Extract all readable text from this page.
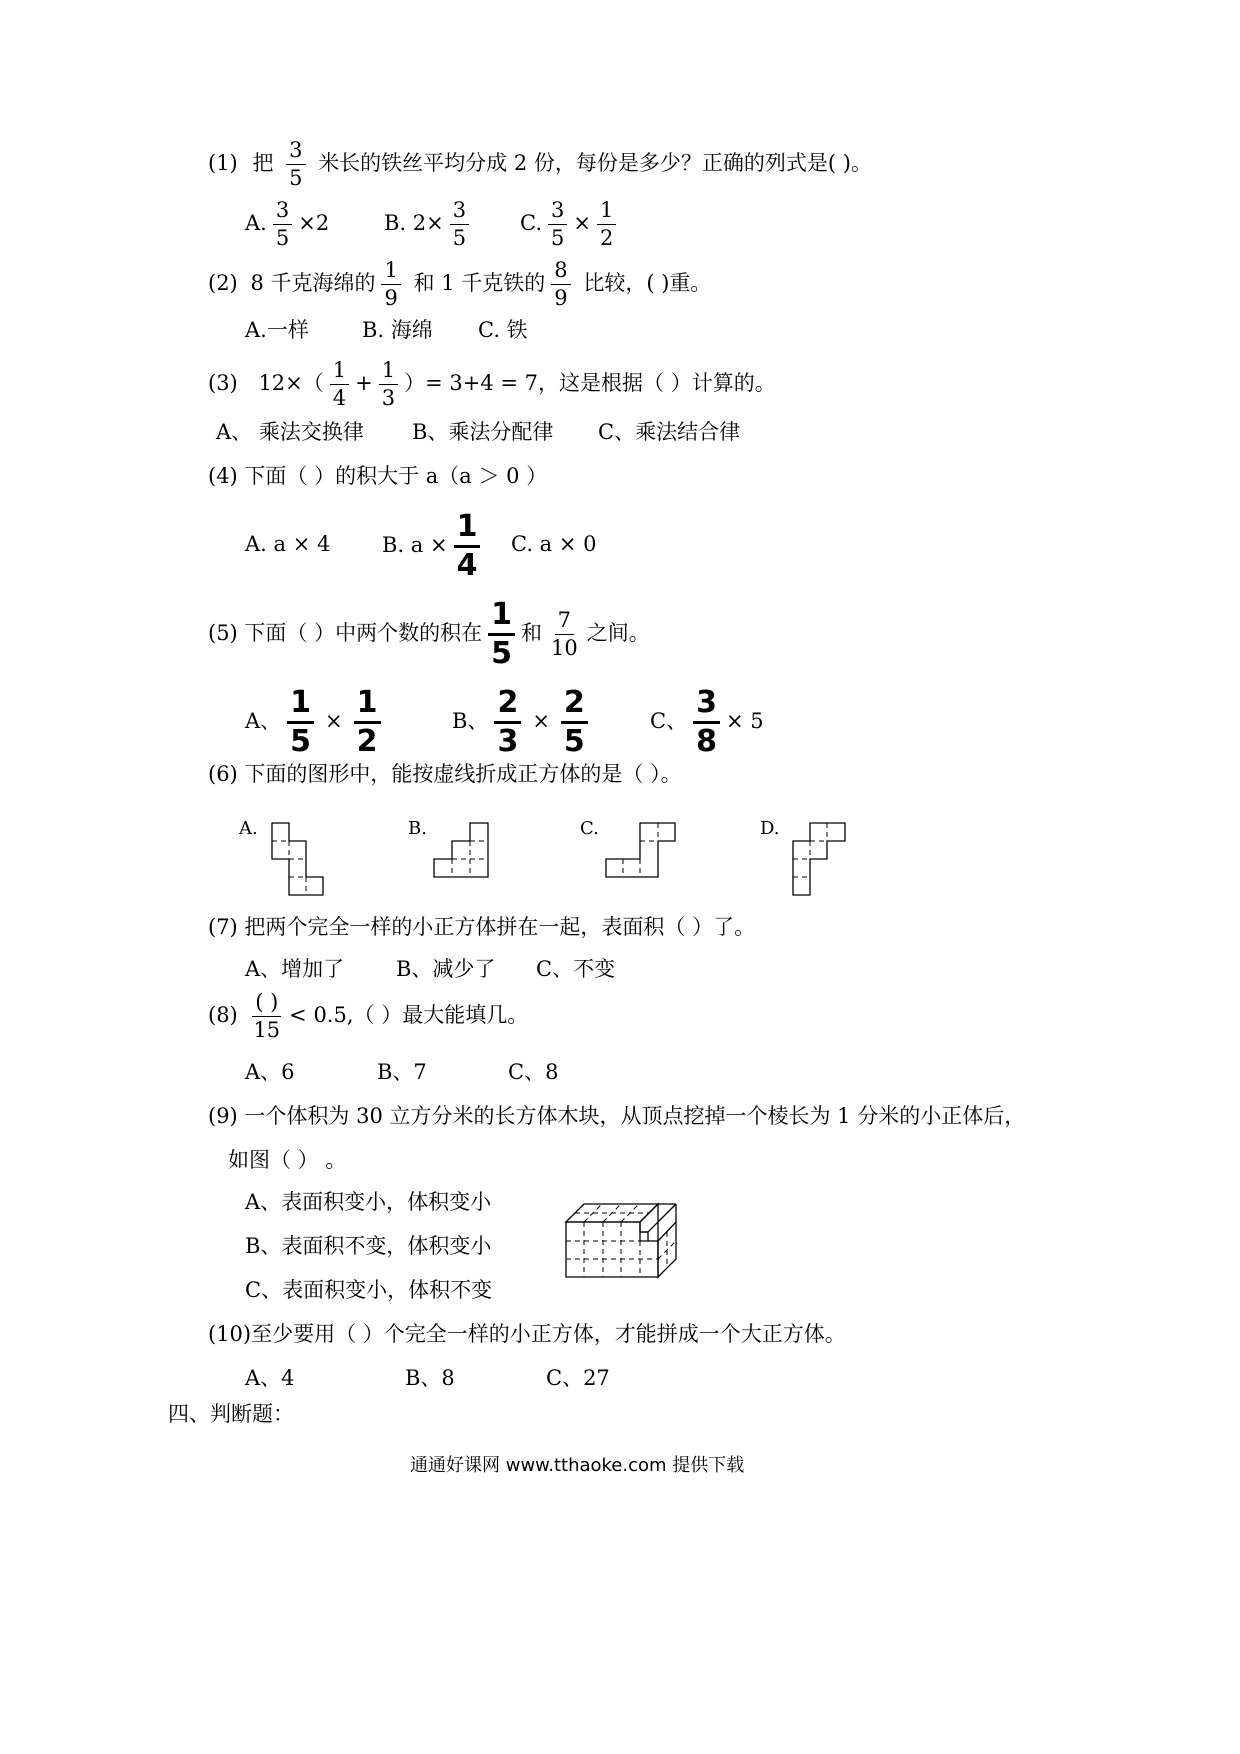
(1) 把 $\frac{3}{5}$ 米长的铁丝平均分成 2 份，每份是多少？正确的列式是( )。
A. $\frac{3}{5} \times 2$	B. $2\times \frac{3}{5} C$. $\frac{3}{5} \times \frac{1}{2}$
(2) 8 千克海绵的 $\frac{1}{9}$ 和 1 千克铁的 $\frac{8}{9}$ 比较，( )重。
A.一样	B. 海绵 C. 铁
(3) $12\times( \frac{1}{4} + \frac{1}{3}$ ）= 3+4 = 7，这是根据（ ）计算的。
A、 乘法交换律 B、乘法分配律 C、乘法结合律
(4) 下面（ ）的积大于 a（a ＞ 0 ）
A. a × 4 B. $a \times \frac{1}{4} C$. a × 0
(5) 下面（ ）中两个数的积在 $\frac{1}{5}$ 和 $\frac{7}{10}$ 之间。
A、 $\frac{1}{5} \times \frac{1}{2}$	B、 $\frac{2}{3} \times \frac{2}{5}$	C、 $\frac{3}{8} \times 5$
(6) 下面的图形中，能按虚线折成正方体的是（ ）。
A.	B.	C.	D.
(7) 把两个完全一样的小正方体拼在一起，表面积（ ）了。
A、增加了 B、减少了 C、不变
$(8) \frac{( )}{15} < 0.5$,（ ）最大能填几。
A、6	B、7	C、8
(9) 一个体积为 30 立方分米的长方体木块，从顶点挖掉一个棱长为 1 分米的小正体后，
如图（ ） 。
A、表面积变小，体积变小
B、表面积不变，体积变小
C、表面积变小，体积不变
(10)至少要用（ ）个完全一样的小正方体，才能拼成一个大正方体。
A、4	B、8	C、27
四、判断题：
通通好课网 www.tthaoke.com 提供下载
